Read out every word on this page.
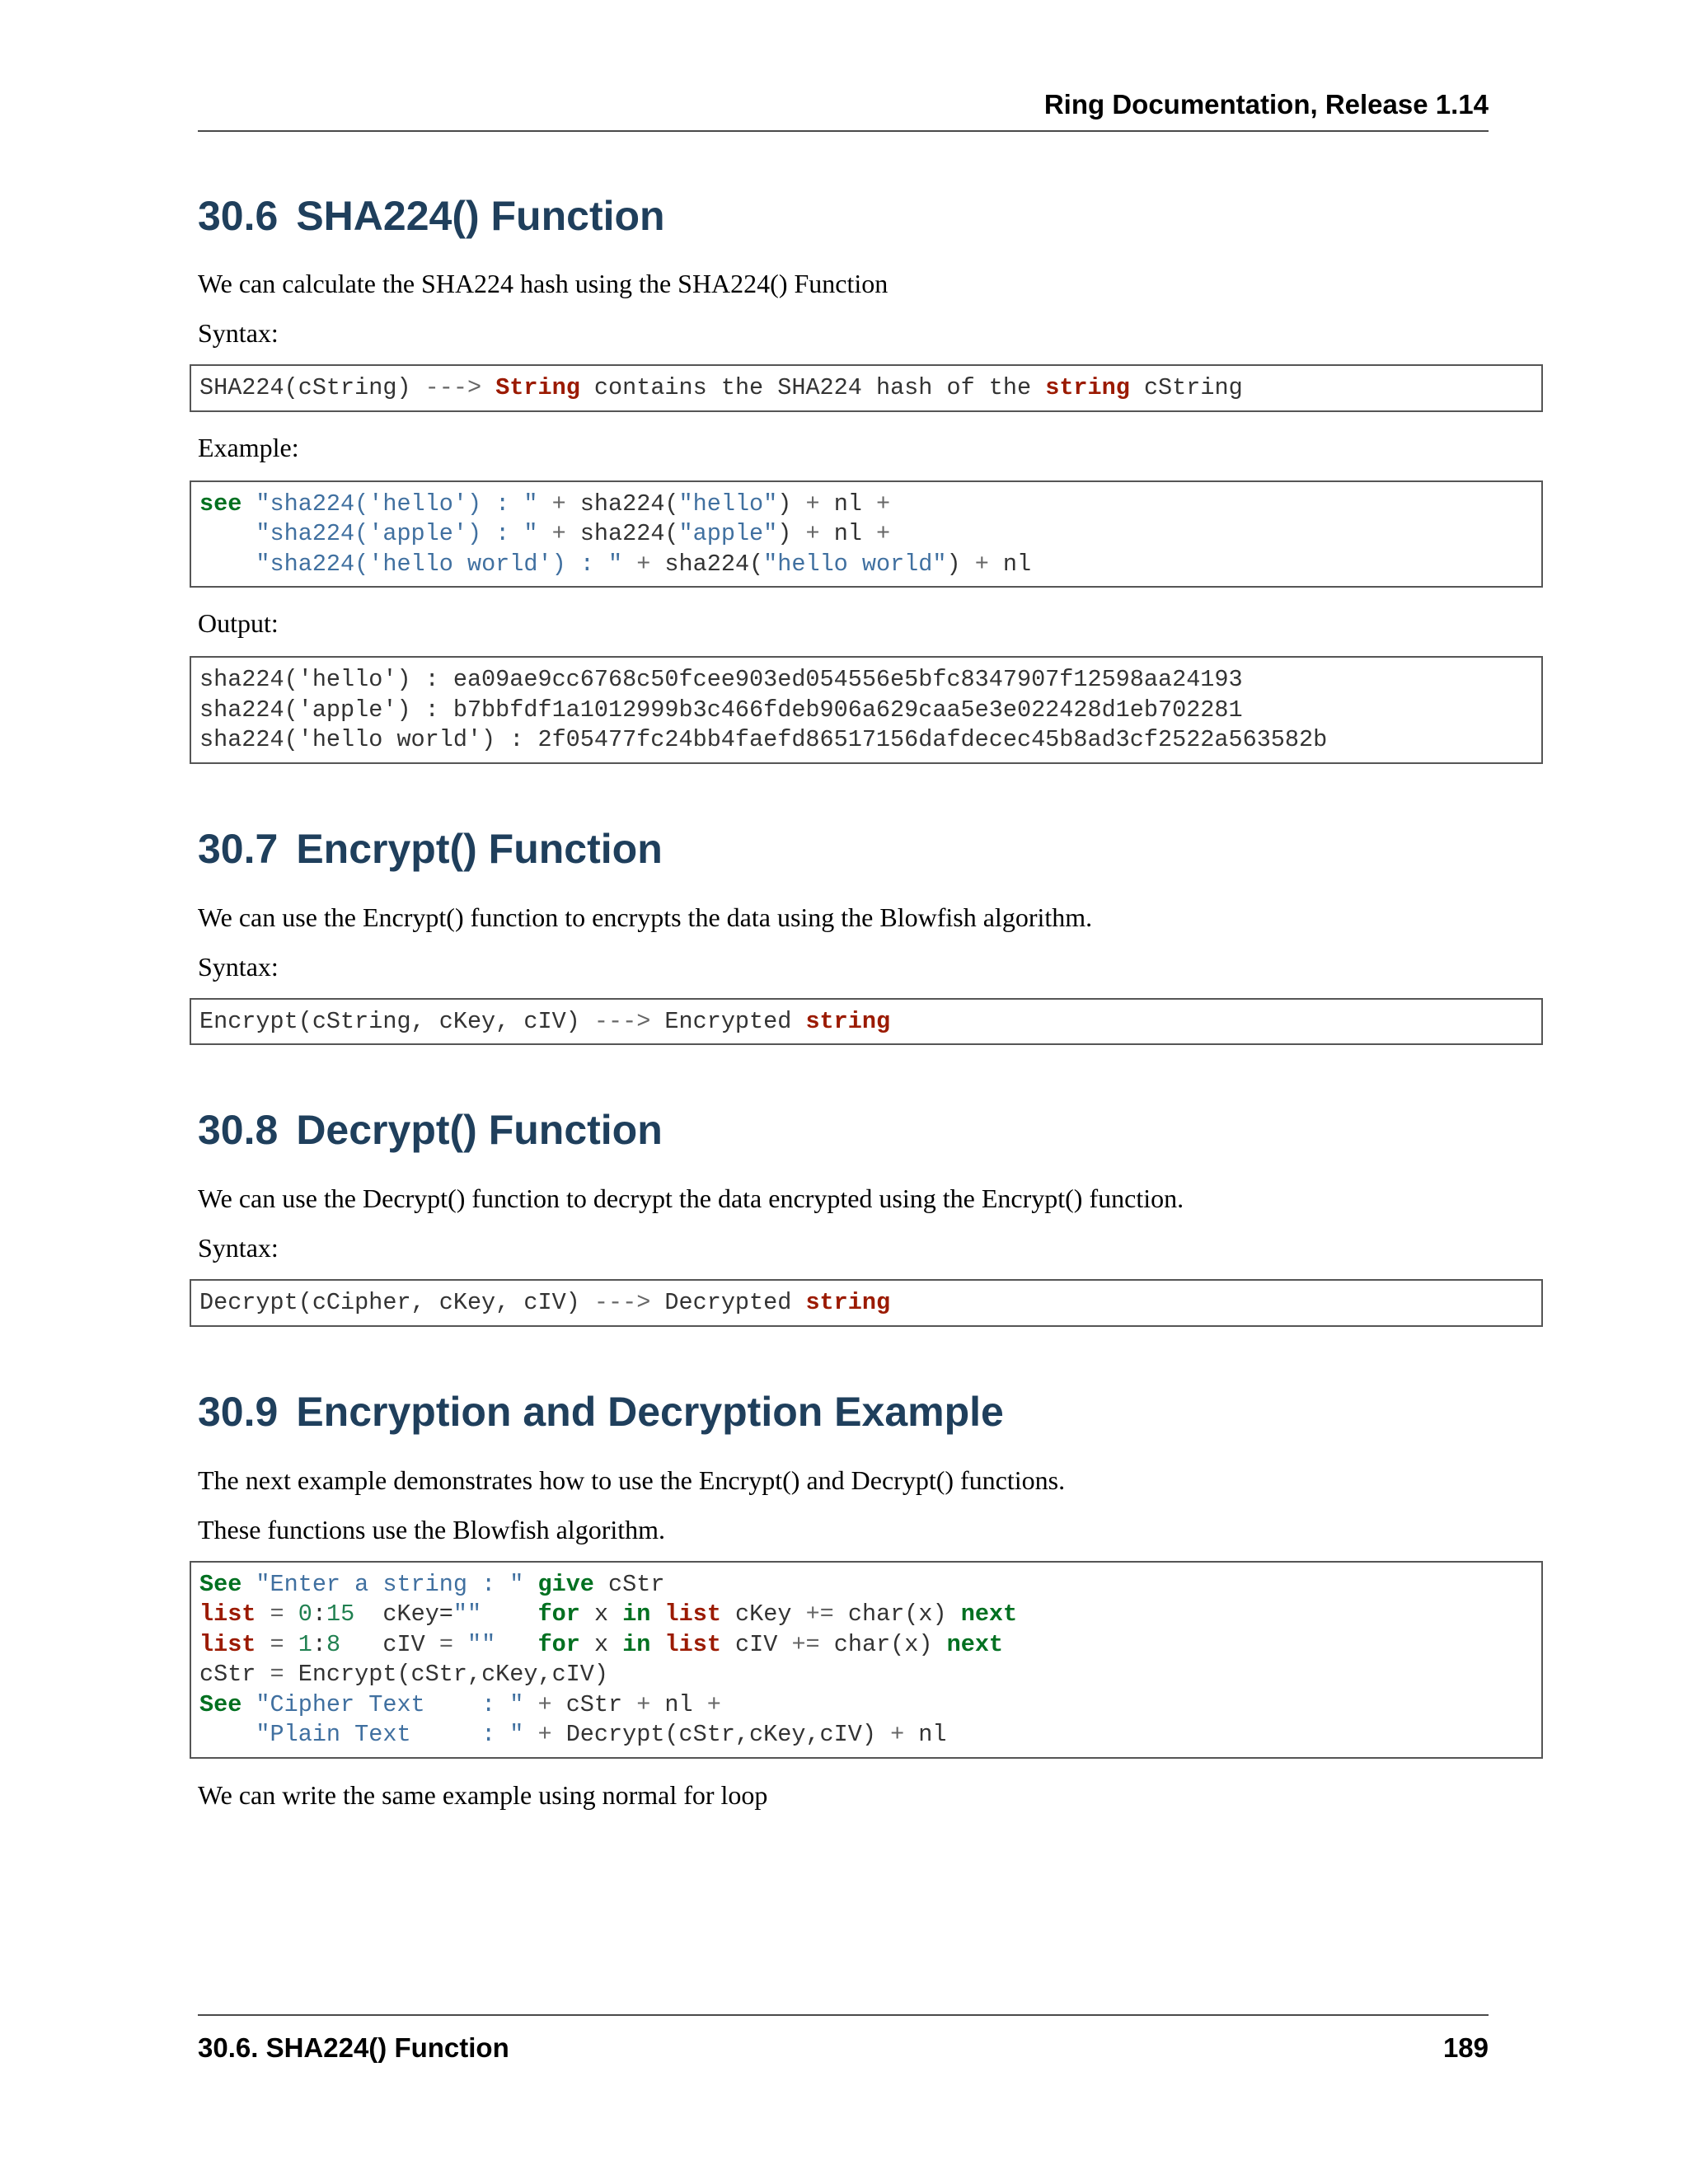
Ring Documentation, Release 1.14
30.6 SHA224() Function

We can calculate the SHA224 hash using the SHA224() Function

Syntax:

SHA224(cString) ---> String contains the SHA224 hash of the string cString

Example:

see "sha224('hello') : " + sha224("hello") + nl +
"sha224('apple') : " + sha224("apple") + nl +
"sha224('hello world') : " + sha224("hello world") + nl

Output:

sha224('hello') : ea09ae9cc6768c50fcee903ed054556e5bfc8347907f12598aa24193
sha224('apple') : b7bbfdf1a1012999b3c466fdeb906a629caa5e3e022428d1eb702281
sha224('hello world') : 2f05477fc24bb4faefd86517156dafdecec45b8ad3cf2522a563582b
30.7 Encrypt() Function

We can use the Encrypt() function to encrypts the data using the Blowfish algorithm.

Syntax:

Encrypt(cString, cKey, cIV) ---> Encrypted string
30.8 Decrypt() Function

We can use the Decrypt() function to decrypt the data encrypted using the Encrypt() function.

Syntax:

Decrypt(cCipher, cKey, cIV) ---> Decrypted string
30.9 Encryption and Decryption Example

The next example demonstrates how to use the Encrypt() and Decrypt() functions.

These functions use the Blowfish algorithm.

See "Enter a string : " give cStr
list = 0:15  cKey="" for x in list cKey += char(x) next
list = 1:8   cIV = "" for x in list cIV += char(x) next
cStr = Encrypt(cStr,cKey,cIV)
See "Cipher Text    : " + cStr + nl +
"Plain Text     : " + Decrypt(cStr,cKey,cIV) + nl

We can write the same example using normal for loop

30.6. SHA224() Function	189
